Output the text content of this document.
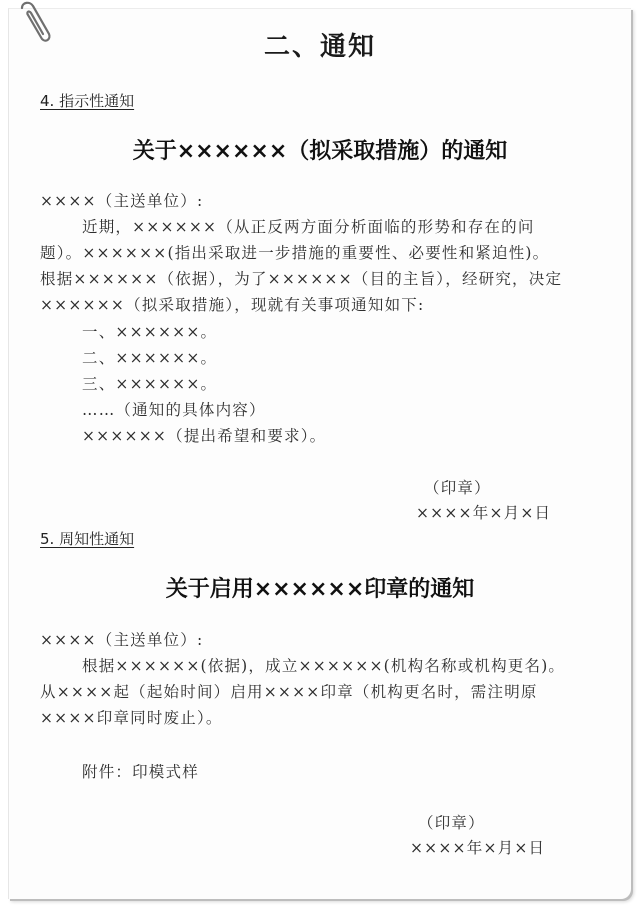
二、通知
4. 指示性通知
关于××××××（拟采取措施）的通知
××××（主送单位）:
近期，××××××（从正反两方面分析面临的形势和存在的问
题）。××××××(指出采取进一步措施的重要性、必要性和紧迫性)。
根据××××××（依据），为了××××××（目的主旨），经研究，决定
××××××（拟采取措施），现就有关事项通知如下:
一、××××××。
二、××××××。
三、××××××。
……（通知的具体内容）
××××××（提出希望和要求）。
（印章）
××××年×月×日
5. 周知性通知
关于启用××××××印章的通知
××××（主送单位）:
根据××××××(依据)，成立××××××(机构名称或机构更名)。
从××××起（起始时间）启用××××印章（机构更名时，需注明原
××××印章同时废止）。
附件：印模式样
（印章）
××××年×月×日
